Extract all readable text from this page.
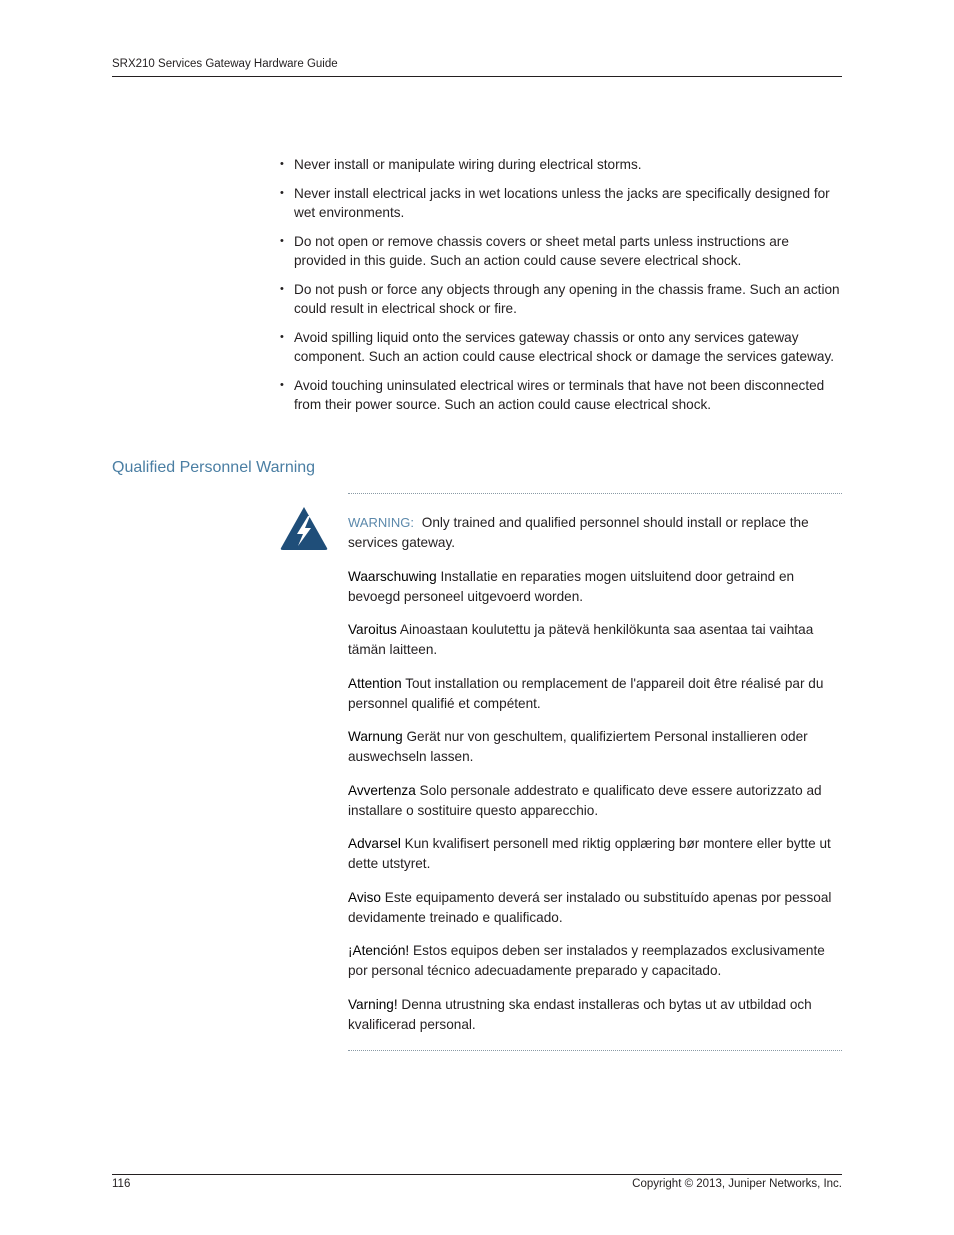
SRX210 Services Gateway Hardware Guide
• Never install or manipulate wiring during electrical storms.
• Never install electrical jacks in wet locations unless the jacks are specifically designed for wet environments.
• Do not open or remove chassis covers or sheet metal parts unless instructions are provided in this guide. Such an action could cause severe electrical shock.
• Do not push or force any objects through any opening in the chassis frame. Such an action could result in electrical shock or fire.
• Avoid spilling liquid onto the services gateway chassis or onto any services gateway component. Such an action could cause electrical shock or damage the services gateway.
• Avoid touching uninsulated electrical wires or terminals that have not been disconnected from their power source. Such an action could cause electrical shock.
Qualified Personnel Warning

WARNING: Only trained and qualified personnel should install or replace the services gateway.

Waarschuwing Installatie en reparaties mogen uitsluitend door getraind en bevoegd personeel uitgevoerd worden.

Varoitus Ainoastaan koulutettu ja pätevä henkilökunta saa asentaa tai vaihtaa tämän laitteen.

Attention Tout installation ou remplacement de l'appareil doit être réalisé par du personnel qualifié et compétent.

Warnung Gerät nur von geschultem, qualifiziertem Personal installieren oder auswechseln lassen.

Avvertenza Solo personale addestrato e qualificato deve essere autorizzato ad installare o sostituire questo apparecchio.

Advarsel Kun kvalifisert personell med riktig opplæring bør montere eller bytte ut dette utstyret.

Aviso Este equipamento deverá ser instalado ou substituído apenas por pessoal devidamente treinado e qualificado.

¡Atención! Estos equipos deben ser instalados y reemplazados exclusivamente por personal técnico adecuadamente preparado y capacitado.

Varning! Denna utrustning ska endast installeras och bytas ut av utbildad och kvalificerad personal.

116	Copyright © 2013, Juniper Networks, Inc.
